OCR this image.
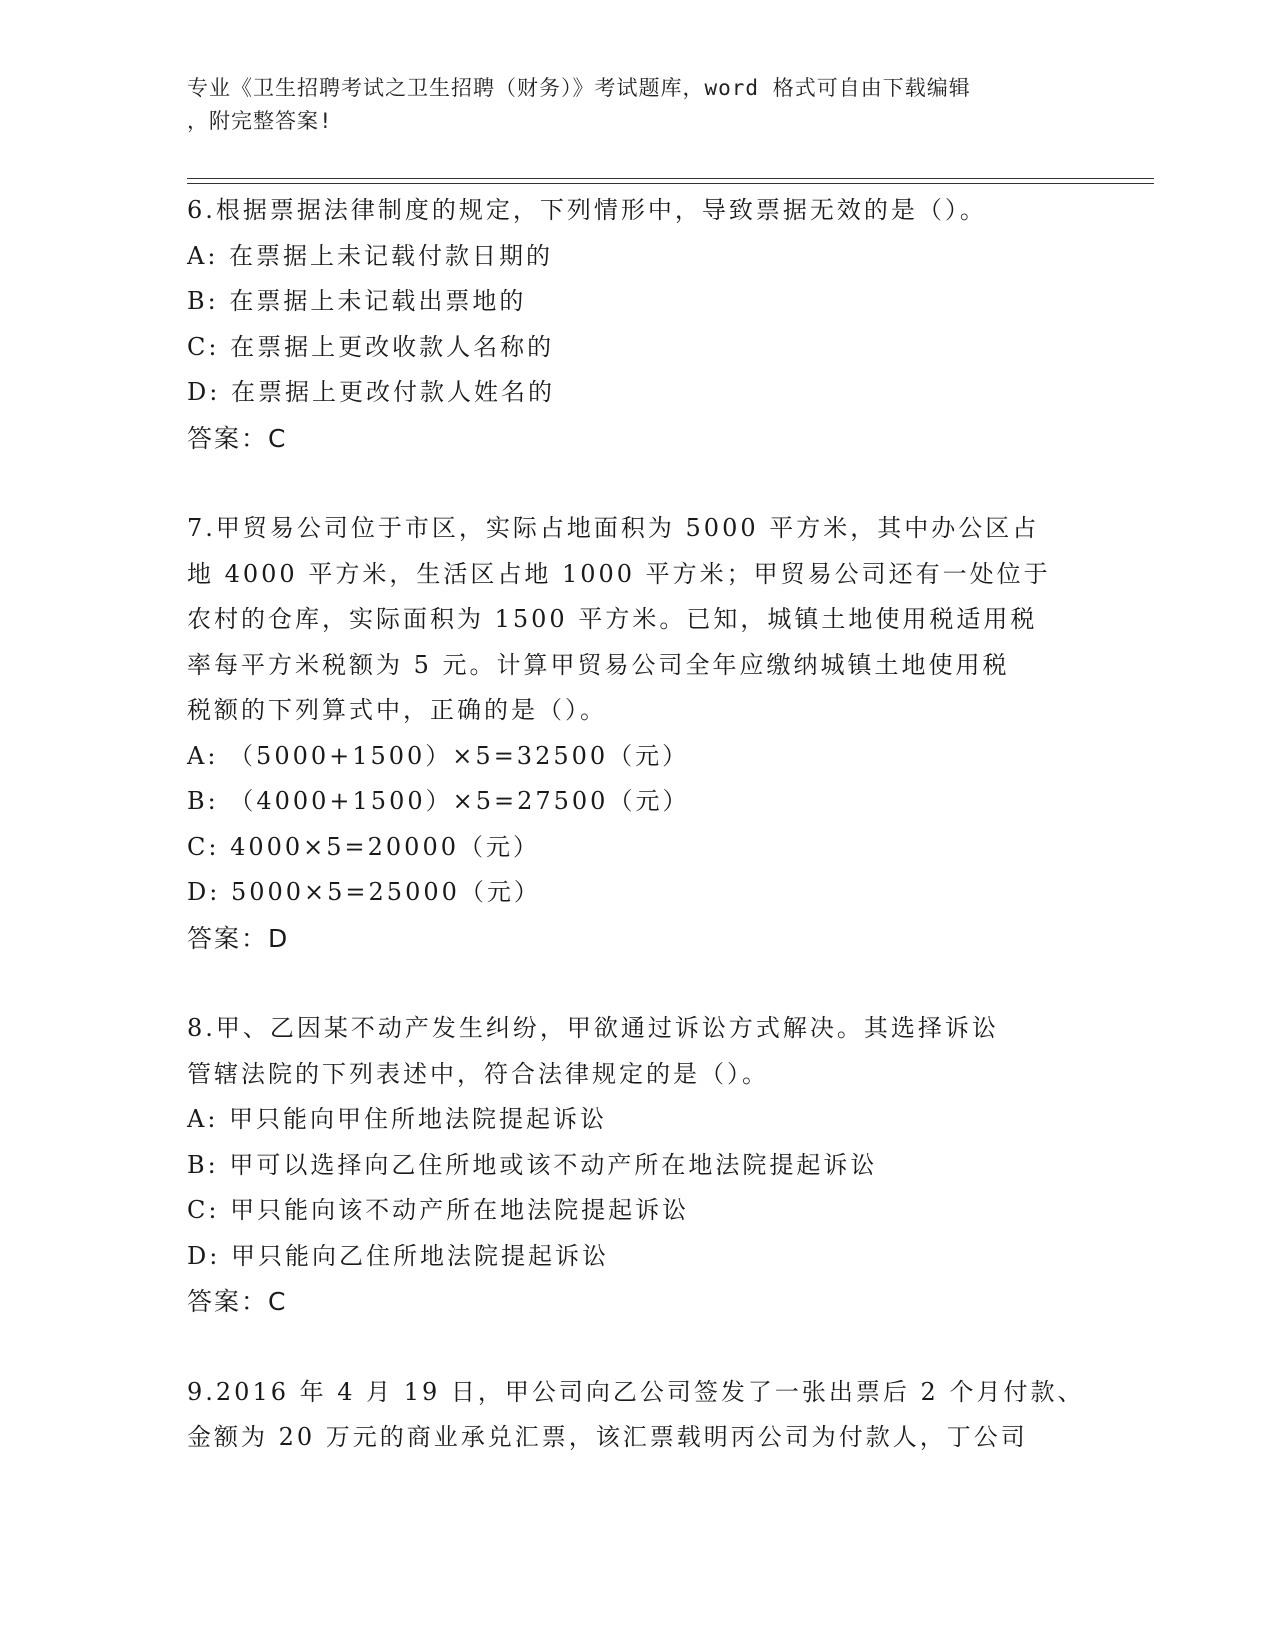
专业《卫生招聘考试之卫生招聘（财务）》考试题库，word 格式可自由下载编辑
，附完整答案!

6.根据票据法律制度的规定，下列情形中，导致票据无效的是（）。

A: 在票据上未记载付款日期的

B: 在票据上未记载出票地的

C: 在票据上更改收款人名称的

D: 在票据上更改付款人姓名的

答案：C

7.甲贸易公司位于市区，实际占地面积为 5000 平方米，其中办公区占

地 4000 平方米，生活区占地 1000 平方米；甲贸易公司还有一处位于

农村的仓库，实际面积为 1500 平方米。已知，城镇土地使用税适用税

率每平方米税额为 5 元。计算甲贸易公司全年应缴纳城镇土地使用税

税额的下列算式中，正确的是（）。

A: （5000+1500）×5=32500（元）

B: （4000+1500）×5=27500（元）

C: 4000×5=20000（元）

D: 5000×5=25000（元）

答案：D

8.甲、乙因某不动产发生纠纷，甲欲通过诉讼方式解决。其选择诉讼

管辖法院的下列表述中，符合法律规定的是（）。

A: 甲只能向甲住所地法院提起诉讼

B: 甲可以选择向乙住所地或该不动产所在地法院提起诉讼

C: 甲只能向该不动产所在地法院提起诉讼

D: 甲只能向乙住所地法院提起诉讼

答案：C

9.2016 年 4 月 19 日，甲公司向乙公司签发了一张出票后 2 个月付款、

金额为 20 万元的商业承兑汇票，该汇票载明丙公司为付款人，丁公司
